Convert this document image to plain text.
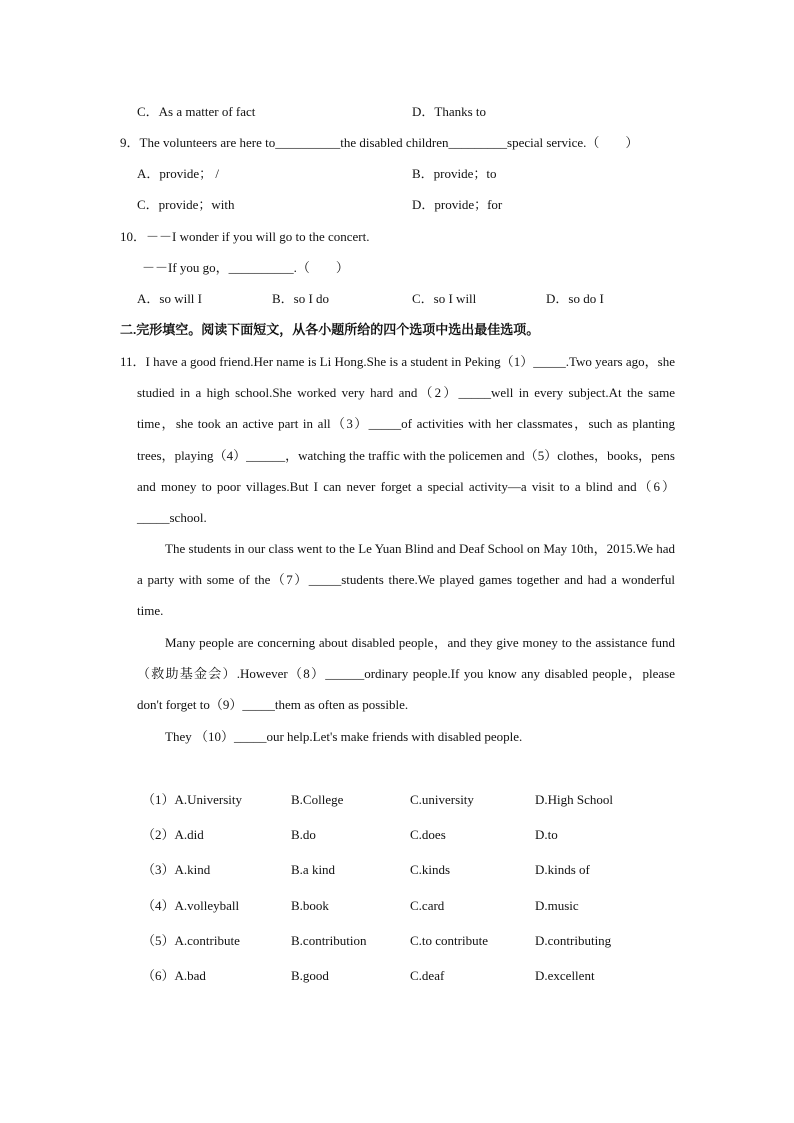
C．As a matter of fact	D．Thanks to
9．The volunteers are here to__________the disabled children_________special service.（　　）
A．provide； /	B．provide；to
C．provide；with	D．provide；for
10．－－I wonder if you will go to the concert.
－－If you go，__________.（　　）
A．so will I	B．so I do	C．so I will	D．so do I
二.完形填空。阅读下面短文，从各小题所给的四个选项中选出最佳选项。
11．I have a good friend.Her name is Li Hong.She is a student in Peking（1）_____.Two years ago，she studied in a high school.She worked very hard and（2）_____well in every subject.At the same time，she took an active part in all（3）_____of activities with her classmates，such as planting trees，playing（4）______，watching the traffic with the policemen and（5）clothes，books，pens and money to poor villages.But I can never forget a special activity—a visit to a blind and（6）_____school.
The students in our class went to the Le Yuan Blind and Deaf School on May 10th，2015.We had a party with some of the（7）_____students there.We played games together and had a wonderful time.
Many people are concerning about disabled people，and they give money to the assistance fund（救助基金会）.However（8）______ordinary people.If you know any disabled people，please don't forget to（9）_____them as often as possible.
They （10）_____our help.Let's make friends with disabled people.
（1）A.University	B.College	C.university	D.High School
（2）A.did	B.do	C.does	D.to
（3）A.kind	B.a kind	C.kinds	D.kinds of
（4）A.volleyball	B.book	C.card	D.music
（5）A.contribute	B.contribution	C.to contribute	D.contributing
（6）A.bad	B.good	C.deaf	D.excellent
